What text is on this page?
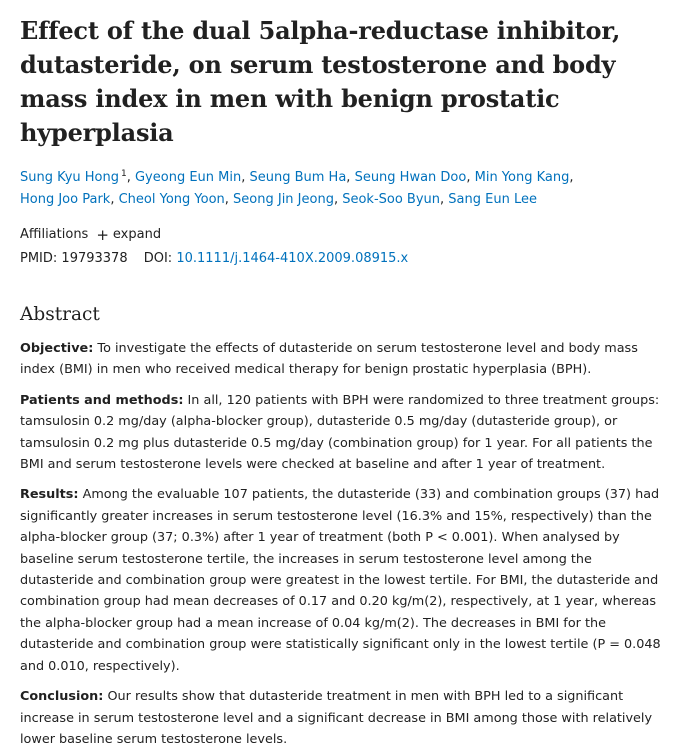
Effect of the dual 5alpha-reductase inhibitor, dutasteride, on serum testosterone and body mass index in men with benign prostatic hyperplasia
Sung Kyu Hong $^1$, Gyeong Eun Min, Seung Bum Ha, Seung Hwan Doo, Min Yong Kang,
Hong Joo Park, Cheol Yong Yoon, Seong Jin Jeong, Seok-Soo Byun, Sang Eun Lee
Affiliations + expand
PMID: 19793378 DOI: 10.1111/j.1464-410X.2009.08915.x
Abstract

Objective: To investigate the effects of dutasteride on serum testosterone level and body mass index (BMI) in men who received medical therapy for benign prostatic hyperplasia (BPH).

Patients and methods: In all, 120 patients with BPH were randomized to three treatment groups: tamsulosin 0.2 mg/day (alpha-blocker group), dutasteride 0.5 mg/day (dutasteride group), or tamsulosin 0.2 mg plus dutasteride 0.5 mg/day (combination group) for 1 year. For all patients the BMI and serum testosterone levels were checked at baseline and after 1 year of treatment.

Results: Among the evaluable 107 patients, the dutasteride (33) and combination groups (37) had significantly greater increases in serum testosterone level (16.3% and 15%, respectively) than the alpha-blocker group (37; 0.3%) after 1 year of treatment (both P < 0.001). When analysed by baseline serum testosterone tertile, the increases in serum testosterone level among the dutasteride and combination group were greatest in the lowest tertile. For BMI, the dutasteride and combination group had mean decreases of 0.17 and 0.20 kg/m(2), respectively, at 1 year, whereas the alpha-blocker group had a mean increase of 0.04 kg/m(2). The decreases in BMI for the dutasteride and combination group were statistically significant only in the lowest tertile (P = 0.048 and 0.010, respectively).

Conclusion: Our results show that dutasteride treatment in men with BPH led to a significant increase in serum testosterone level and a significant decrease in BMI among those with relatively lower baseline serum testosterone levels.
